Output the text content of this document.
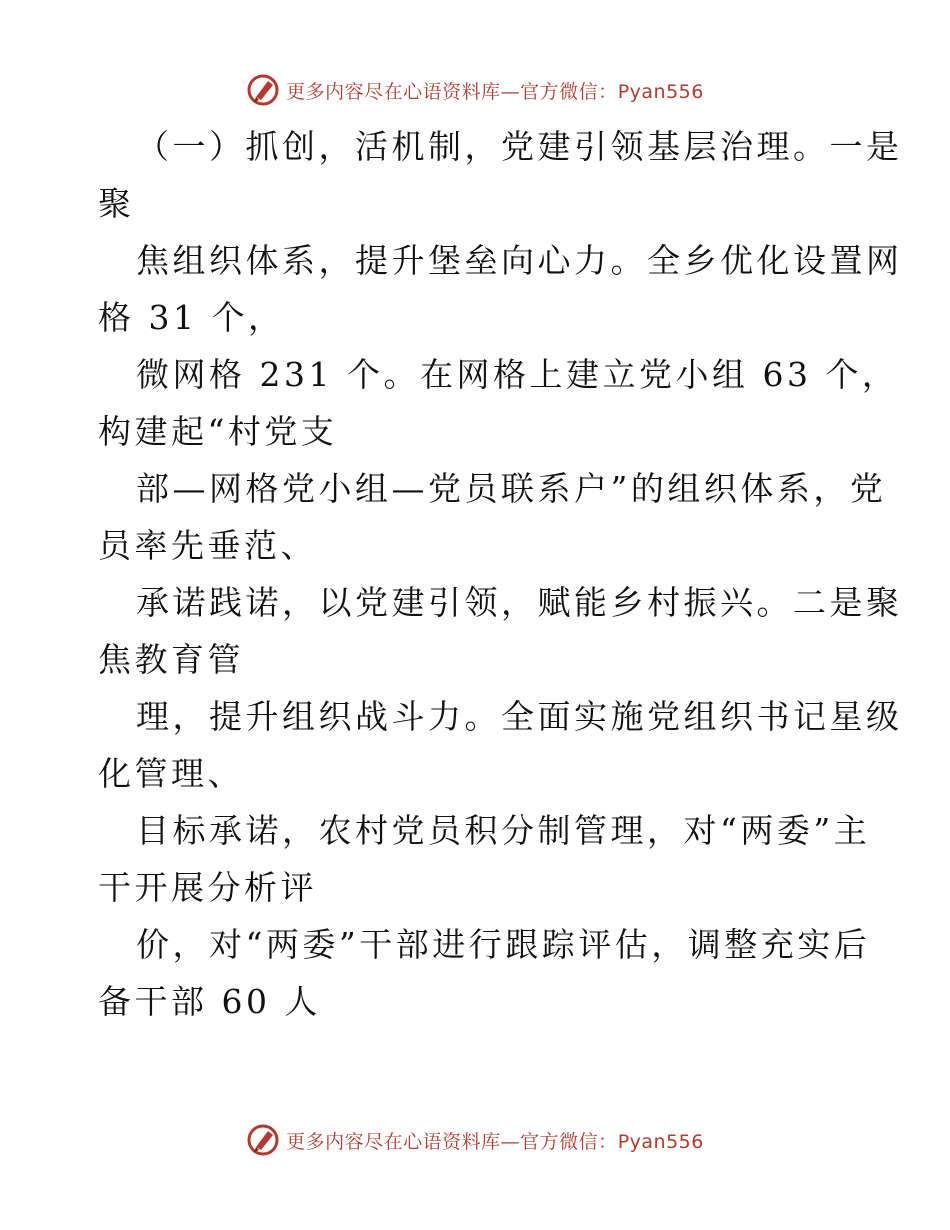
更多内容尽在心语资料库—官方微信：Pyan556
（一）抓创，活机制，党建引领基层治理。一是
聚
焦组织体系，提升堡垒向心力。全乡优化设置网
格 31 个，
微网格 231 个。在网格上建立党小组 63 个，
构建起“村党支
部—网格党小组—党员联系户”的组织体系，党
员率先垂范、
承诺践诺，以党建引领，赋能乡村振兴。二是聚
焦教育管
理，提升组织战斗力。全面实施党组织书记星级
化管理、
目标承诺，农村党员积分制管理，对“两委”主
干开展分析评
价，对“两委”干部进行跟踪评估，调整充实后
备干部 60 人
更多内容尽在心语资料库—官方微信：Pyan556
